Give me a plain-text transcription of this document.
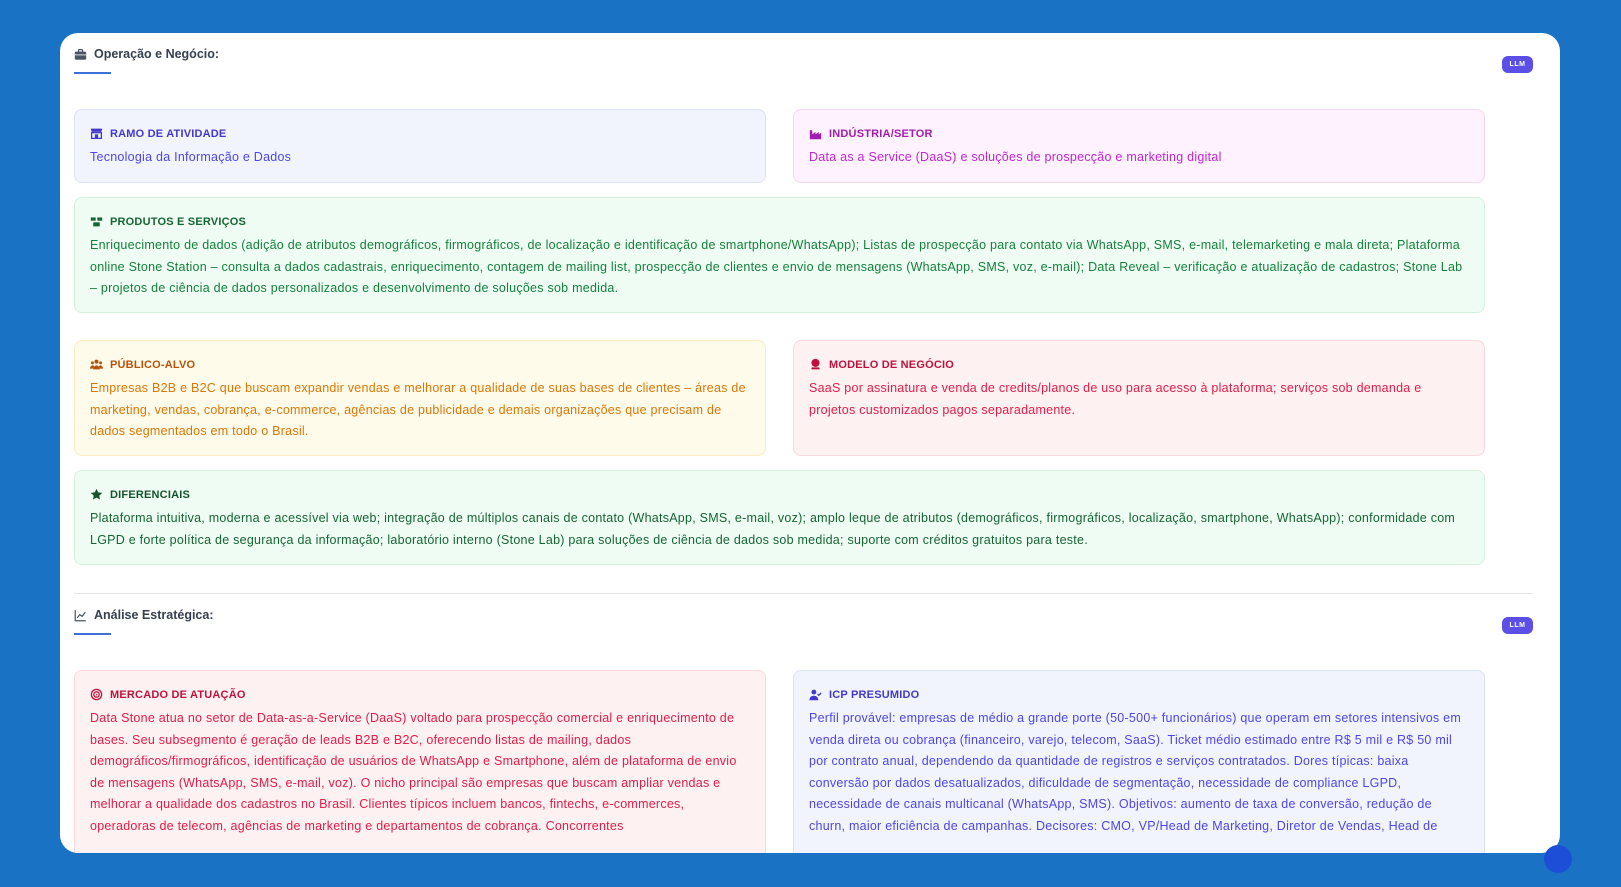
Operação e Negócio:
LLM
RAMO DE ATIVIDADE
Tecnologia da Informação e Dados
INDÚSTRIA/SETOR
Data as a Service (DaaS) e soluções de prospecção e marketing digital
PRODUTOS E SERVIÇOS
Enriquecimento de dados (adição de atributos demográficos, firmográficos, de localização e identificação de smartphone/WhatsApp); Listas de prospecção para contato via WhatsApp, SMS, e-mail, telemarketing e mala direta; Plataforma online Stone Station – consulta a dados cadastrais, enriquecimento, contagem de mailing list, prospecção de clientes e envio de mensagens (WhatsApp, SMS, voz, e-mail); Data Reveal – verificação e atualização de cadastros; Stone Lab – projetos de ciência de dados personalizados e desenvolvimento de soluções sob medida.
PÚBLICO-ALVO
Empresas B2B e B2C que buscam expandir vendas e melhorar a qualidade de suas bases de clientes – áreas de marketing, vendas, cobrança, e-commerce, agências de publicidade e demais organizações que precisam de dados segmentados em todo o Brasil.
MODELO DE NEGÓCIO
SaaS por assinatura e venda de credits/planos de uso para acesso à plataforma; serviços sob demanda e projetos customizados pagos separadamente.
DIFERENCIAIS
Plataforma intuitiva, moderna e acessível via web; integração de múltiplos canais de contato (WhatsApp, SMS, e-mail, voz); amplo leque de atributos (demográficos, firmográficos, localização, smartphone, WhatsApp); conformidade com LGPD e forte política de segurança da informação; laboratório interno (Stone Lab) para soluções de ciência de dados sob medida; suporte com créditos gratuitos para teste.
Análise Estratégica:
LLM
MERCADO DE ATUAÇÃO
Data Stone atua no setor de Data-as-a-Service (DaaS) voltado para prospecção comercial e enriquecimento de bases. Seu subsegmento é geração de leads B2B e B2C, oferecendo listas de mailing, dados demográficos/firmográficos, identificação de usuários de WhatsApp e Smartphone, além de plataforma de envio de mensagens (WhatsApp, SMS, e-mail, voz). O nicho principal são empresas que buscam ampliar vendas e melhorar a qualidade dos cadastros no Brasil. Clientes típicos incluem bancos, fintechs, e-commerces, operadoras de telecom, agências de marketing e departamentos de cobrança. Concorrentes
ICP PRESUMIDO
Perfil provável: empresas de médio a grande porte (50-500+ funcionários) que operam em setores intensivos em venda direta ou cobrança (financeiro, varejo, telecom, SaaS). Ticket médio estimado entre R$ 5 mil e R$ 50 mil por contrato anual, dependendo da quantidade de registros e serviços contratados. Dores típicas: baixa conversão por dados desatualizados, dificuldade de segmentação, necessidade de compliance LGPD, necessidade de canais multicanal (WhatsApp, SMS). Objetivos: aumento de taxa de conversão, redução de churn, maior eficiência de campanhas. Decisores: CMO, VP/Head de Marketing, Diretor de Vendas, Head de
